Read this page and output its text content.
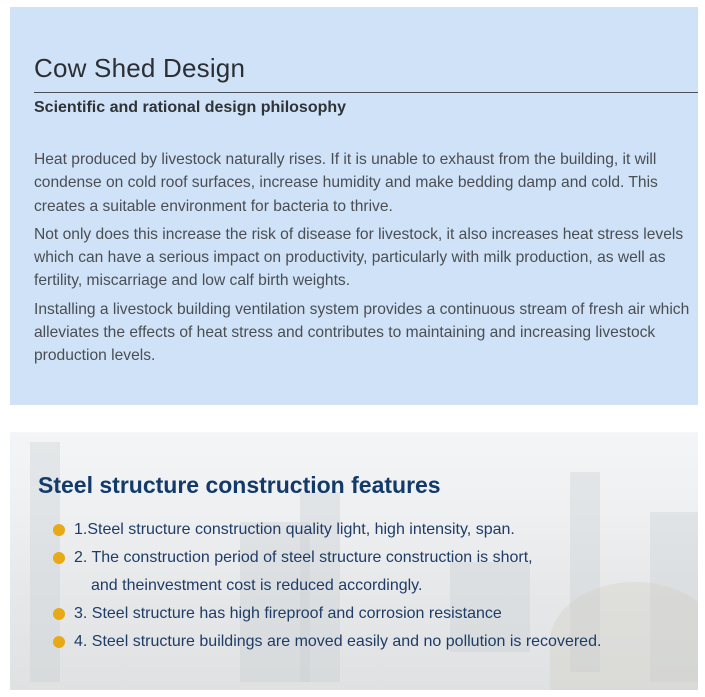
Cow Shed Design
Scientific and rational design philosophy

Heat produced by livestock naturally rises. If it is unable to exhaust from the building, it will condense on cold roof surfaces, increase humidity and make bedding damp and cold. This creates a suitable environment for bacteria to thrive.

Not only does this increase the risk of disease for livestock, it also increases heat stress levels which can have a serious impact on productivity, particularly with milk production, as well as fertility, miscarriage and low calf birth weights.

Installing a livestock building ventilation system provides a continuous stream of fresh air which alleviates the effects of heat stress and contributes to maintaining and increasing livestock production levels.

Steel structure construction features
1.Steel structure construction quality light, high intensity, span.
2. The construction period of steel structure construction is short,
and theinvestment cost is reduced accordingly.
3. Steel structure has high fireproof and corrosion resistance
4. Steel structure buildings are moved easily and no pollution is recovered.
